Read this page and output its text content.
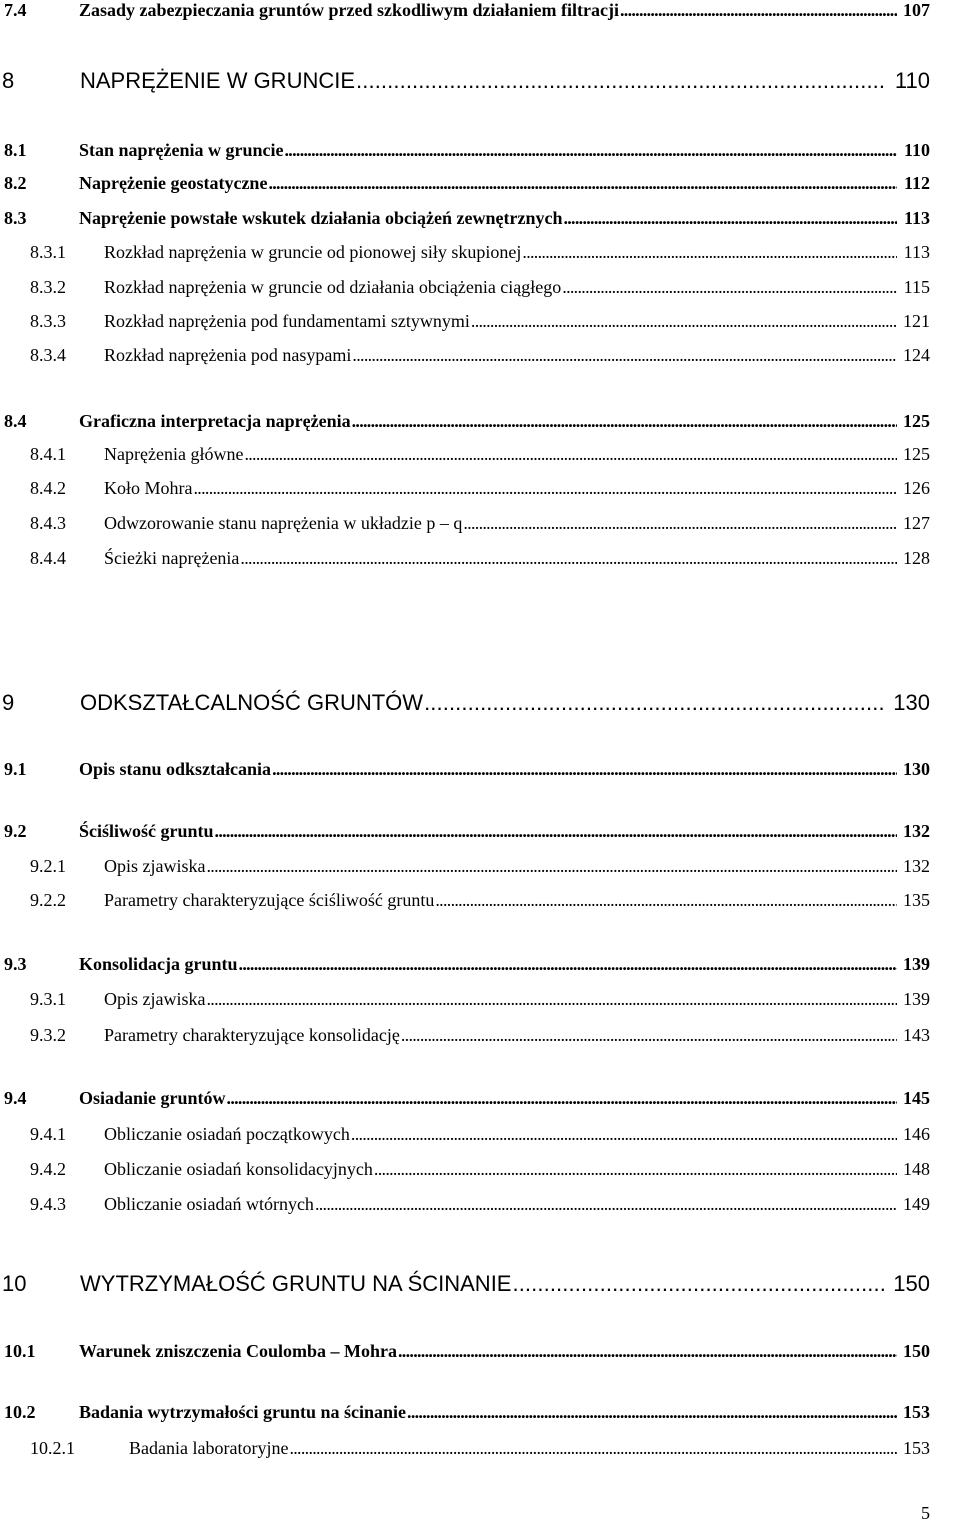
7.4	Zasady zabezpieczania gruntów przed szkodliwym działaniem filtracji . . .	107
8	NAPRĘŻENIE W GRUNCIE . . .	110
8.1	Stan naprężenia w gruncie . . .	110
8.2	Naprężenie geostatyczne . . .	112
8.3	Naprężenie powstałe wskutek działania obciążeń zewnętrznych . . .	113
8.3.1	Rozkład naprężenia w gruncie od pionowej siły skupionej . . .	113
8.3.2	Rozkład naprężenia w gruncie od działania obciążenia ciągłego . . .	115
8.3.3	Rozkład naprężenia pod fundamentami sztywnymi . . .	121
8.3.4	Rozkład naprężenia pod nasypami . . .	124
8.4	Graficzna interpretacja naprężenia . . .	125
8.4.1	Naprężenia główne . . .	125
8.4.2	Koło Mohra . . .	126
8.4.3	Odwzorowanie stanu naprężenia w układzie p – q . . .	127
8.4.4	Ścieżki naprężenia . . .	128
9	ODKSZTAŁCALNOŚĆ GRUNTÓW . . .	130
9.1	Opis stanu odkształcania . . .	130
9.2	Ściśliwość gruntu . . .	132
9.2.1	Opis zjawiska . . .	132
9.2.2	Parametry charakteryzujące ściśliwość gruntu . . .	135
9.3	Konsolidacja gruntu . . .	139
9.3.1	Opis zjawiska . . .	139
9.3.2	Parametry charakteryzujące konsolidację . . .	143
9.4	Osiadanie gruntów . . .	145
9.4.1	Obliczanie osiadań początkowych . . .	146
9.4.2	Obliczanie osiadań konsolidacyjnych . . .	148
9.4.3	Obliczanie osiadań wtórnych . . .	149
10	WYTRZYMAŁOŚĆ GRUNTU NA ŚCINANIE . . .	150
10.1	Warunek zniszczenia Coulomba – Mohra . . .	150
10.2	Badania wytrzymałości gruntu na ścinanie . . .	153
10.2.1	Badania laboratoryjne . . .	153
5
